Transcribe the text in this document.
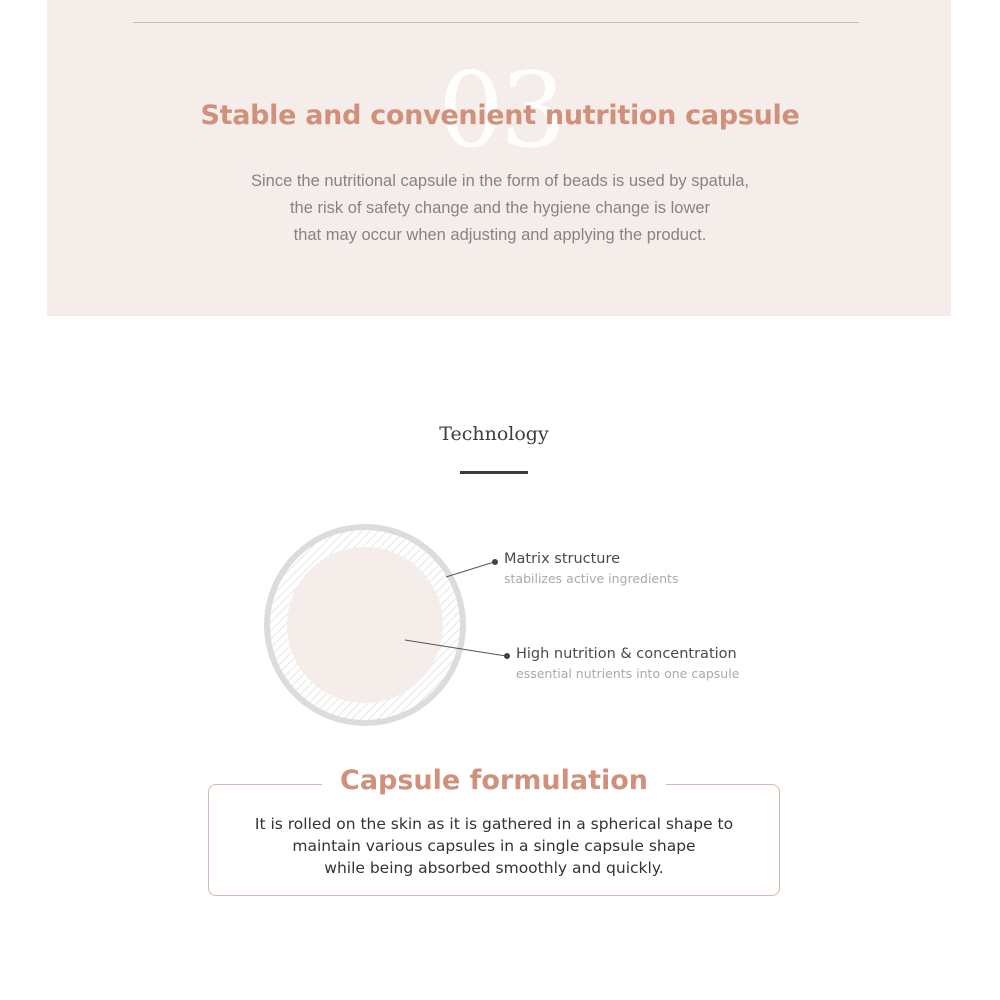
03
Stable and convenient nutrition capsule
Since the nutritional capsule in the form of beads is used by spatula,
the risk of safety change and the hygiene change is lower
that may occur when adjusting and applying the product.
Technology
Matrix structure
stabilizes active ingredients
High nutrition & concentration
essential nutrients into one capsule
Capsule formulation
It is rolled on the skin as it is gathered in a spherical shape to
maintain various capsules in a single capsule shape
while being absorbed smoothly and quickly.
